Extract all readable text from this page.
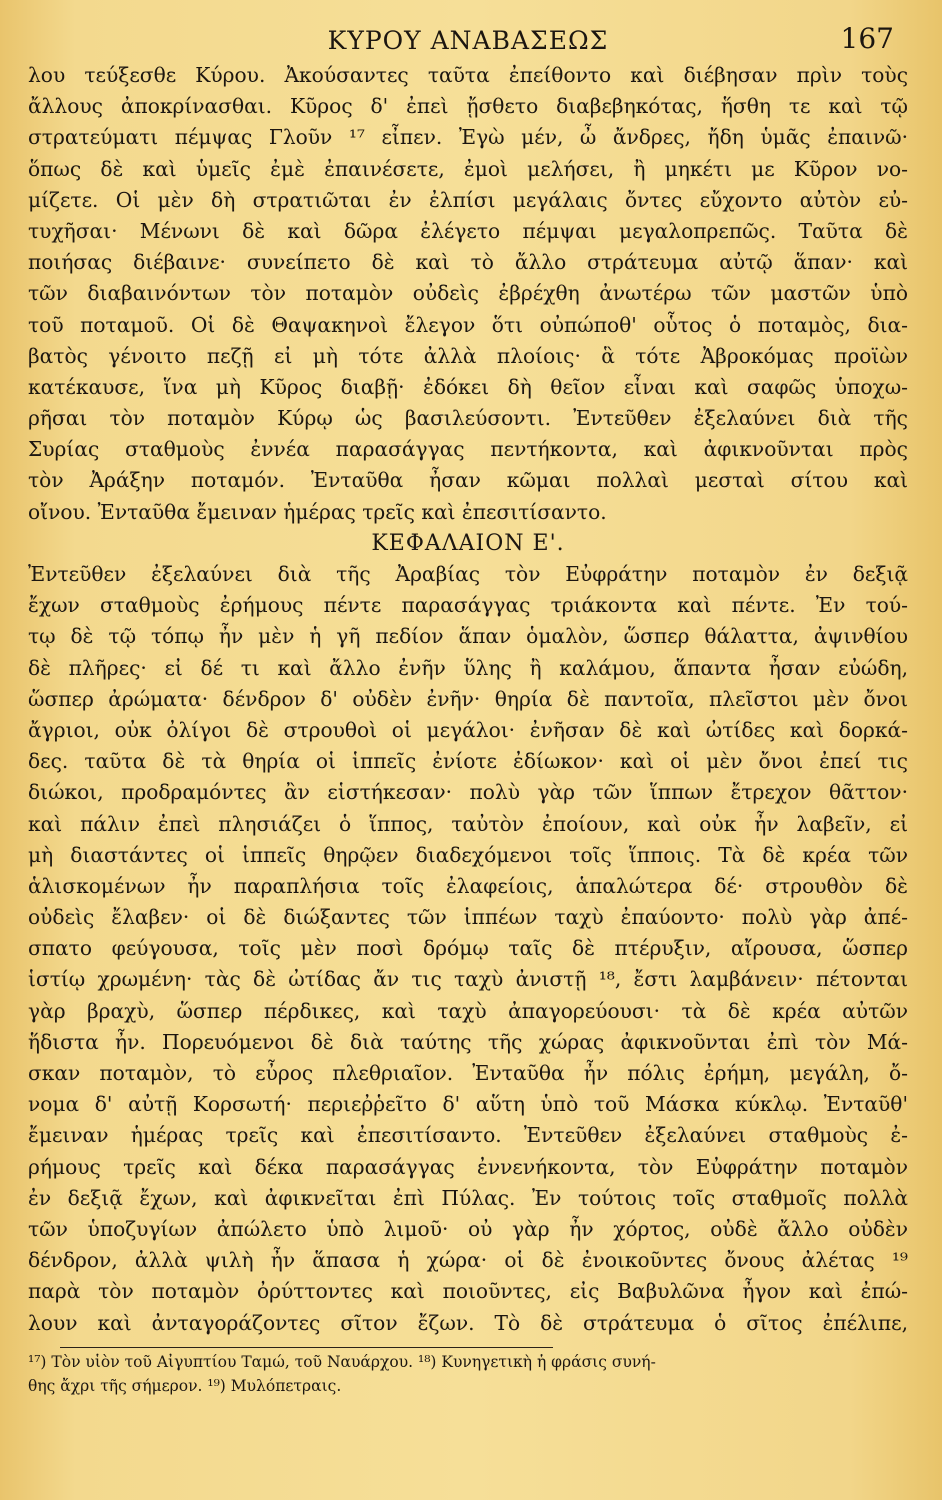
ΚΥΡΟΥ ΑΝΑΒΑΣΕΩΣ	167
λου τεύξεσθε Κύρου. Ἀκούσαντες ταῦτα ἐπείθοντο καὶ διέβησαν πρὶν τοὺς
ἄλλους ἀποκρίνασθαι. Κῦρος δ' ἐπεὶ ᾔσθετο διαβεβηκότας, ἥσθη τε καὶ τῷ
στρατεύματι πέμψας Γλοῦν ¹⁷ εἶπεν. Ἐγὼ μέν, ὦ ἄνδρες, ἤδη ὑμᾶς ἐπαινῶ·
ὅπως δὲ καὶ ὑμεῖς ἐμὲ ἐπαινέσετε, ἐμοὶ μελήσει, ἢ μηκέτι με Κῦρον νο-
μίζετε. Οἱ μὲν δὴ στρατιῶται ἐν ἐλπίσι μεγάλαις ὄντες εὔχοντο αὐτὸν εὐ-
τυχῆσαι· Μένωνι δὲ καὶ δῶρα ἐλέγετο πέμψαι μεγαλοπρεπῶς. Ταῦτα δὲ
ποιήσας διέβαινε· συνείπετο δὲ καὶ τὸ ἄλλο στράτευμα αὐτῷ ἅπαν· καὶ
τῶν διαβαινόντων τὸν ποταμὸν οὐδεὶς ἐβρέχθη ἀνωτέρω τῶν μαστῶν ὑπὸ
τοῦ ποταμοῦ. Οἱ δὲ Θαψακηνοὶ ἔλεγον ὅτι οὐπώποθ' οὗτος ὁ ποταμὸς, δια-
βατὸς γένοιτο πεζῇ εἰ μὴ τότε ἀλλὰ πλοίοις· ἃ τότε Ἀβροκόμας προϊὼν
κατέκαυσε, ἵνα μὴ Κῦρος διαβῇ· ἐδόκει δὴ θεῖον εἶναι καὶ σαφῶς ὑποχω-
ρῆσαι τὸν ποταμὸν Κύρῳ ὡς βασιλεύσοντι. Ἐντεῦθεν ἐξελαύνει διὰ τῆς
Συρίας σταθμοὺς ἐννέα παρασάγγας πεντήκοντα, καὶ ἀφικνοῦνται πρὸς
τὸν Ἀράξην ποταμόν. Ἐνταῦθα ἦσαν κῶμαι πολλαὶ μεσταὶ σίτου καὶ
οἴνου. Ἐνταῦθα ἔμειναν ἡμέρας τρεῖς καὶ ἐπεσιτίσαντο.
ΚΕΦΑΛΑΙΟΝ Ε'.
Ἐντεῦθεν ἐξελαύνει διὰ τῆς Ἀραβίας τὸν Εὐφράτην ποταμὸν ἐν δεξιᾷ
ἔχων σταθμοὺς ἐρήμους πέντε παρασάγγας τριάκοντα καὶ πέντε. Ἐν τού-
τῳ δὲ τῷ τόπῳ ἦν μὲν ἡ γῆ πεδίον ἅπαν ὁμαλὸν, ὥσπερ θάλαττα, ἀψινθίου
δὲ πλῆρες· εἰ δέ τι καὶ ἄλλο ἐνῆν ὕλης ἢ καλάμου, ἅπαντα ἦσαν εὐώδη,
ὥσπερ ἀρώματα· δένδρον δ' οὐδὲν ἐνῆν· θηρία δὲ παντοῖα, πλεῖστοι μὲν ὄνοι
ἄγριοι, οὐκ ὀλίγοι δὲ στρουθοὶ οἱ μεγάλοι· ἐνῆσαν δὲ καὶ ὠτίδες καὶ δορκά-
δες. ταῦτα δὲ τὰ θηρία οἱ ἱππεῖς ἐνίοτε ἐδίωκον· καὶ οἱ μὲν ὄνοι ἐπεί τις
διώκοι, προδραμόντες ἂν εἱστήκεσαν· πολὺ γὰρ τῶν ἵππων ἔτρεχον θᾶττον·
καὶ πάλιν ἐπεὶ πλησιάζει ὁ ἵππος, ταὐτὸν ἐποίουν, καὶ οὐκ ἦν λαβεῖν, εἰ
μὴ διαστάντες οἱ ἱππεῖς θηρῷεν διαδεχόμενοι τοῖς ἵπποις. Τὰ δὲ κρέα τῶν
ἁλισκομένων ἦν παραπλήσια τοῖς ἐλαφείοις, ἁπαλώτερα δέ· στρουθὸν δὲ
οὐδεὶς ἔλαβεν· οἱ δὲ διώξαντες τῶν ἱππέων ταχὺ ἐπαύοντο· πολὺ γὰρ ἀπέ-
σπατο φεύγουσα, τοῖς μὲν ποσὶ δρόμῳ ταῖς δὲ πτέρυξιν, αἴρουσα, ὥσπερ
ἱστίῳ χρωμένη· τὰς δὲ ὠτίδας ἄν τις ταχὺ ἀνιστῇ ¹⁸, ἔστι λαμβάνειν· πέτονται
γὰρ βραχὺ, ὥσπερ πέρδικες, καὶ ταχὺ ἀπαγορεύουσι· τὰ δὲ κρέα αὐτῶν
ἥδιστα ἦν. Πορευόμενοι δὲ διὰ ταύτης τῆς χώρας ἀφικνοῦνται ἐπὶ τὸν Μά-
σκαν ποταμὸν, τὸ εὖρος πλεθριαῖον. Ἐνταῦθα ἦν πόλις ἐρήμη, μεγάλη, ὄ-
νομα δ' αὐτῇ Κορσωτή· περιεῤῥεῖτο δ' αὕτη ὑπὸ τοῦ Μάσκα κύκλῳ. Ἐνταῦθ'
ἔμειναν ἡμέρας τρεῖς καὶ ἐπεσιτίσαντο. Ἐντεῦθεν ἐξελαύνει σταθμοὺς ἐ-
ρήμους τρεῖς καὶ δέκα παρασάγγας ἐννενήκοντα, τὸν Εὐφράτην ποταμὸν
ἐν δεξιᾷ ἔχων, καὶ ἀφικνεῖται ἐπὶ Πύλας. Ἐν τούτοις τοῖς σταθμοῖς πολλὰ
τῶν ὑποζυγίων ἀπώλετο ὑπὸ λιμοῦ· οὐ γὰρ ἦν χόρτος, οὐδὲ ἄλλο οὐδὲν
δένδρον, ἀλλὰ ψιλὴ ἦν ἅπασα ἡ χώρα· οἱ δὲ ἐνοικοῦντες ὄνους ἀλέτας ¹⁹
παρὰ τὸν ποταμὸν ὀρύττοντες καὶ ποιοῦντες, εἰς Βαβυλῶνα ἦγον καὶ ἐπώ-
λουν καὶ ἀνταγοράζοντες σῖτον ἔζων. Τὸ δὲ στράτευμα ὁ σῖτος ἐπέλιπε,
¹⁷) Τὸν υἱὸν τοῦ Αἰγυπτίου Ταμώ, τοῦ Ναυάρχου. ¹⁸) Κυνηγετικὴ ἡ φράσις συνή-
θης ἄχρι τῆς σήμερον. ¹⁹) Μυλόπετραις.
